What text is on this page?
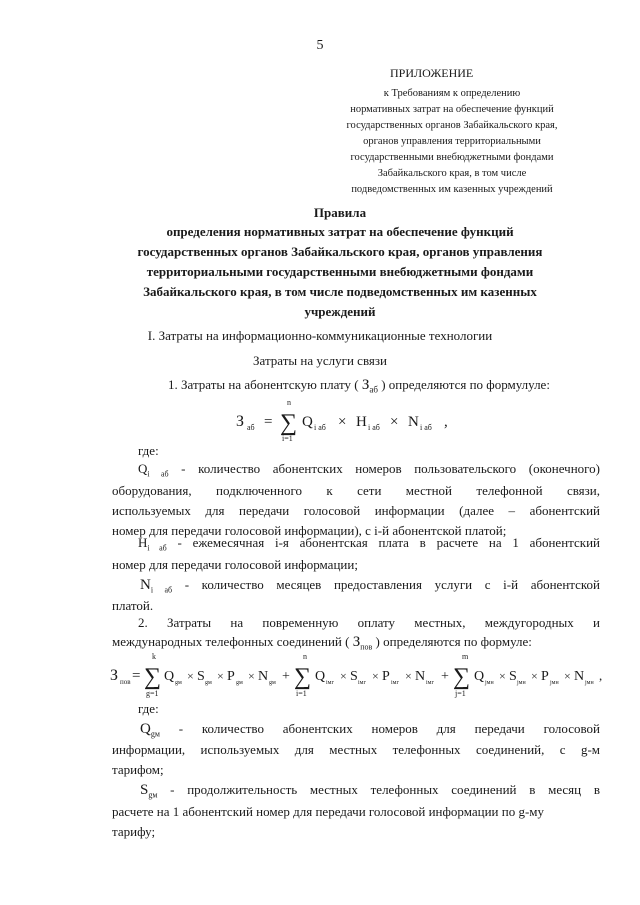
5
ПРИЛОЖЕНИЕ
к Требованиям к определению
нормативных затрат на обеспечение функций
государственных органов Забайкальского края,
органов управления территориальными
государственными внебюджетными фондами
Забайкальского края, в том числе
подведомственных им казенных учреждений
Правила
определения нормативных затрат на обеспечение функций
государственных органов Забайкальского края, органов управления
территориальными государственными внебюджетными фондами
Забайкальского края, в том числе подведомственных им казенных
учреждений
I. Затраты на информационно-коммуникационные технологии
Затраты на услуги связи
1. Затраты на абонентскую плату ( $З_{аб}$ ) определяются по формулуле:
З аб =
n
∑
i=1
Q i аб × H i аб × N i аб ,
где:
$Q_{i аб}$ - количество абонентских номеров пользовательского (оконечного)
оборудования, подключенного к сети местной телефонной связи,
используемых для передачи голосовой информации (далее – абонентский
номер для передачи голосовой информации), с i-й абонентской платой;
$H_{i аб}$ - ежемесячная i-я абонентская плата в расчете на 1 абонентский
номер для передачи голосовой информации;
$N_{i аб}$ - количество месяцев предоставления услуги с i-й абонентской
платой.
2. Затраты на повременную оплату местных, междугородных и
международных телефонных соединений ( $З_{пов}$ ) определяются по формуле:
З пов =
k
∑
g=1
Q gм × S gм × P gм × N gм +
n
∑
i=1
Q iмг × S iмг × P iмг × N iмг +
m
∑
j=1
Q jмн × S jмн × P jмн × N jмн ,
где:
$Q_{gм}$ - количество абонентских номеров для передачи голосовой
информации, используемых для местных телефонных соединений, с g-м
тарифом;
$S_{gм}$ - продолжительность местных телефонных соединений в месяц в
расчете на 1 абонентский номер для передачи голосовой информации по g-му
тарифу;
